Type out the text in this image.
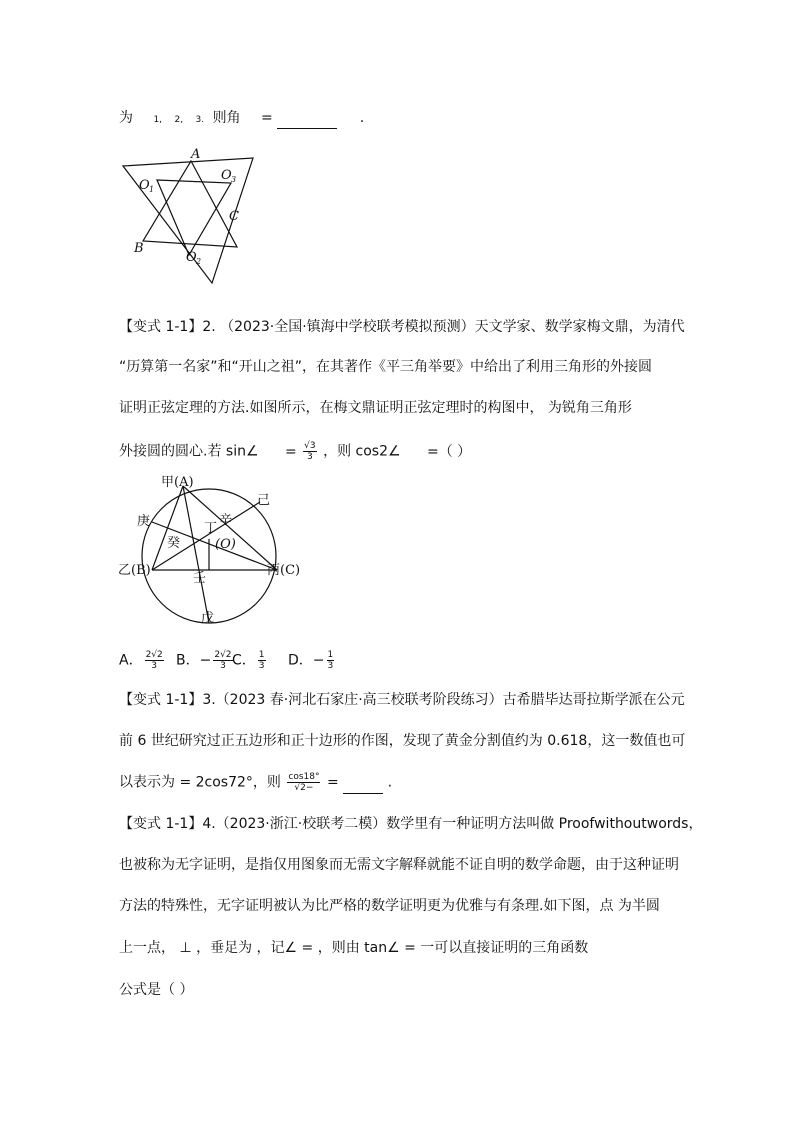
为 1, 2, 3. 则角 =	.
A
O 1
O 3
C
B
O 2
【变式 1-1】2. （2023·全国·镇海中学校联考模拟预测）天文学家、数学家梅文鼎，为清代
“历算第一名家”和“开山之祖”，在其著作《平三角举要》中给出了利用三角形的外接圆
证明正弦定理的方法.如图所示，在梅文鼎证明正弦定理时的构图中， 为锐角三角形
外接圆的圆心.若 sin∠ = $\frac{√3}{3}$ ，则 cos2∠ =（ ）
甲(A)
己
庚	辛
丁
癸	(O)
乙(B)	丙(C)
壬
戊
A． $\frac{2√2}{3}$ B．− $\frac{2√2}{3}$ C． $\frac{1}{3}$ D．− $\frac{1}{3}$
【变式 1-1】3.（2023 春·河北石家庄·高三校联考阶段练习）古希腊毕达哥拉斯学派在公元
前 6 世纪研究过正五边形和正十边形的作图，发现了黄金分割值约为 0.618，这一数值也可
以表示为 = 2cos72°，则 $\frac{\cos 18^\circ}{√2-}$ =	.
【变式 1-1】4.（2023·浙江·校联考二模）数学里有一种证明方法叫做 Proofwithoutwords，
也被称为无字证明，是指仅用图象而无需文字解释就能不证自明的数学命题，由于这种证明
方法的特殊性，无字证明被认为比严格的数学证明更为优雅与有条理.如下图，点 为半圆
上一点， ⊥ ，垂足为 ，记∠ = ，则由 tan∠ = 一可以直接证明的三角函数
公式是（ ）
